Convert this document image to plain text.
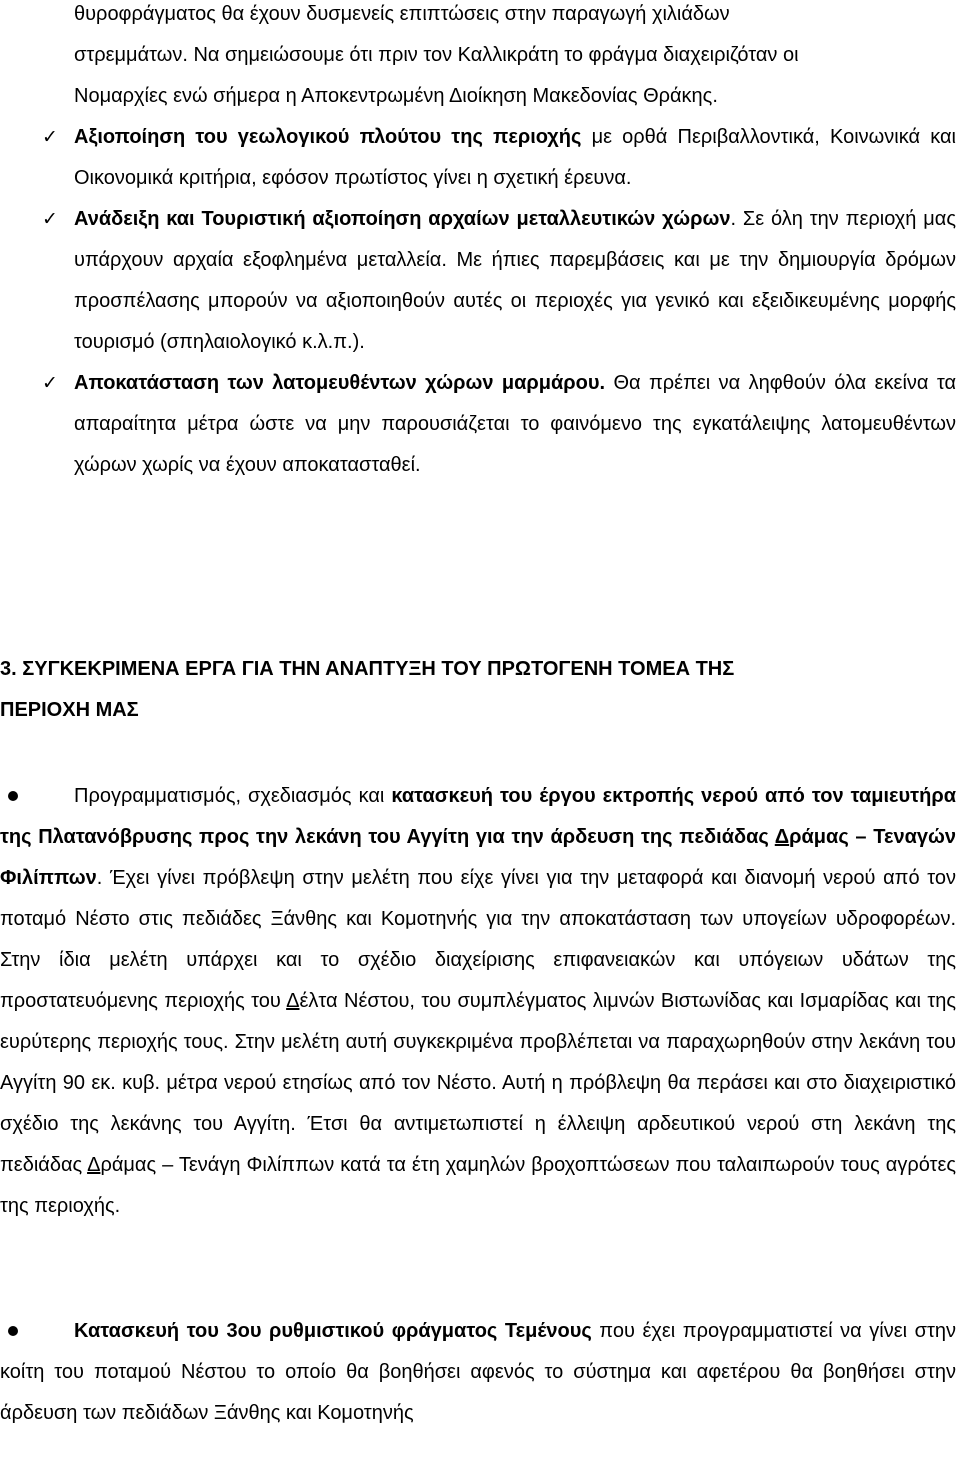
θυροφράγματος θα έχουν δυσμενείς επιπτώσεις στην παραγωγή χιλιάδων
στρεμμάτων. Να σημειώσουμε ότι πριν τον Καλλικράτη το φράγμα διαχειριζόταν οι
Νομαρχίες ενώ σήμερα η Αποκεντρωμένη Διοίκηση Μακεδονίας Θράκης.
✓ Αξιοποίηση του γεωλογικού πλούτου της περιοχής με ορθά Περιβαλλοντικά, Κοινωνικά και Οικονομικά κριτήρια, εφόσον πρωτίστος γίνει η σχετική έρευνα.
✓ Ανάδειξη και Τουριστική αξιοποίηση αρχαίων μεταλλευτικών χώρων. Σε όλη την περιοχή μας υπάρχουν αρχαία εξοφλημένα μεταλλεία. Με ήπιες παρεμβάσεις και με την δημιουργία δρόμων προσπέλασης μπορούν να αξιοποιηθούν αυτές οι περιοχές για γενικό και εξειδικευμένης μορφής τουρισμό (σπηλαιολογικό κ.λ.π.).
✓ Αποκατάσταση των λατομευθέντων χώρων μαρμάρου. Θα πρέπει να ληφθούν όλα εκείνα τα απαραίτητα μέτρα ώστε να μην παρουσιάζεται το φαινόμενο της εγκατάλειψης λατομευθέντων χώρων χωρίς να έχουν αποκατασταθεί.
3. ΣΥΓΚΕΚΡΙΜΕΝΑ ΕΡΓΑ ΓΙΑ ΤΗΝ ΑΝΑΠΤΥΞΗ ΤΟΥ ΠΡΩΤΟΓΕΝΗ ΤΟΜΕΑ ΤΗΣ
ΠΕΡΙΟΧΗ ΜΑΣ
Προγραμματισμός, σχεδιασμός και κατασκευή του έργου εκτροπής νερού από τον ταμιευτήρα της Πλατανόβρυσης προς την λεκάνη του Αγγίτη για την άρδευση της πεδιάδας Δράμας – Τεναγών Φιλίππων. Έχει γίνει πρόβλεψη στην μελέτη που είχε γίνει για την μεταφορά και διανομή νερού από τον ποταμό Νέστο στις πεδιάδες Ξάνθης και Κομοτηνής για την αποκατάσταση των υπογείων υδροφορέων. Στην ίδια μελέτη υπάρχει και το σχέδιο διαχείρισης επιφανειακών και υπόγειων υδάτων της προστατευόμενης περιοχής του Δέλτα Νέστου, του συμπλέγματος λιμνών Βιστωνίδας και Ισμαρίδας και της ευρύτερης περιοχής τους. Στην μελέτη αυτή συγκεκριμένα προβλέπεται να παραχωρηθούν στην λεκάνη του Αγγίτη 90 εκ. κυβ. μέτρα νερού ετησίως από τον Νέστο. Αυτή η πρόβλεψη θα περάσει και στο διαχειριστικό σχέδιο της λεκάνης του Αγγίτη. Έτσι θα αντιμετωπιστεί η έλλειψη αρδευτικού νερού στη λεκάνη της πεδιάδας Δράμας – Τενάγη Φιλίππων κατά τα έτη χαμηλών βροχοπτώσεων που ταλαιπωρούν τους αγρότες της περιοχής.
Κατασκευή του 3ου ρυθμιστικού φράγματος Τεμένους που έχει προγραμματιστεί να γίνει στην κοίτη του ποταμού Νέστου το οποίο θα βοηθήσει αφενός το σύστημα και αφετέρου θα βοηθήσει στην άρδευση των πεδιάδων Ξάνθης και Κομοτηνής
